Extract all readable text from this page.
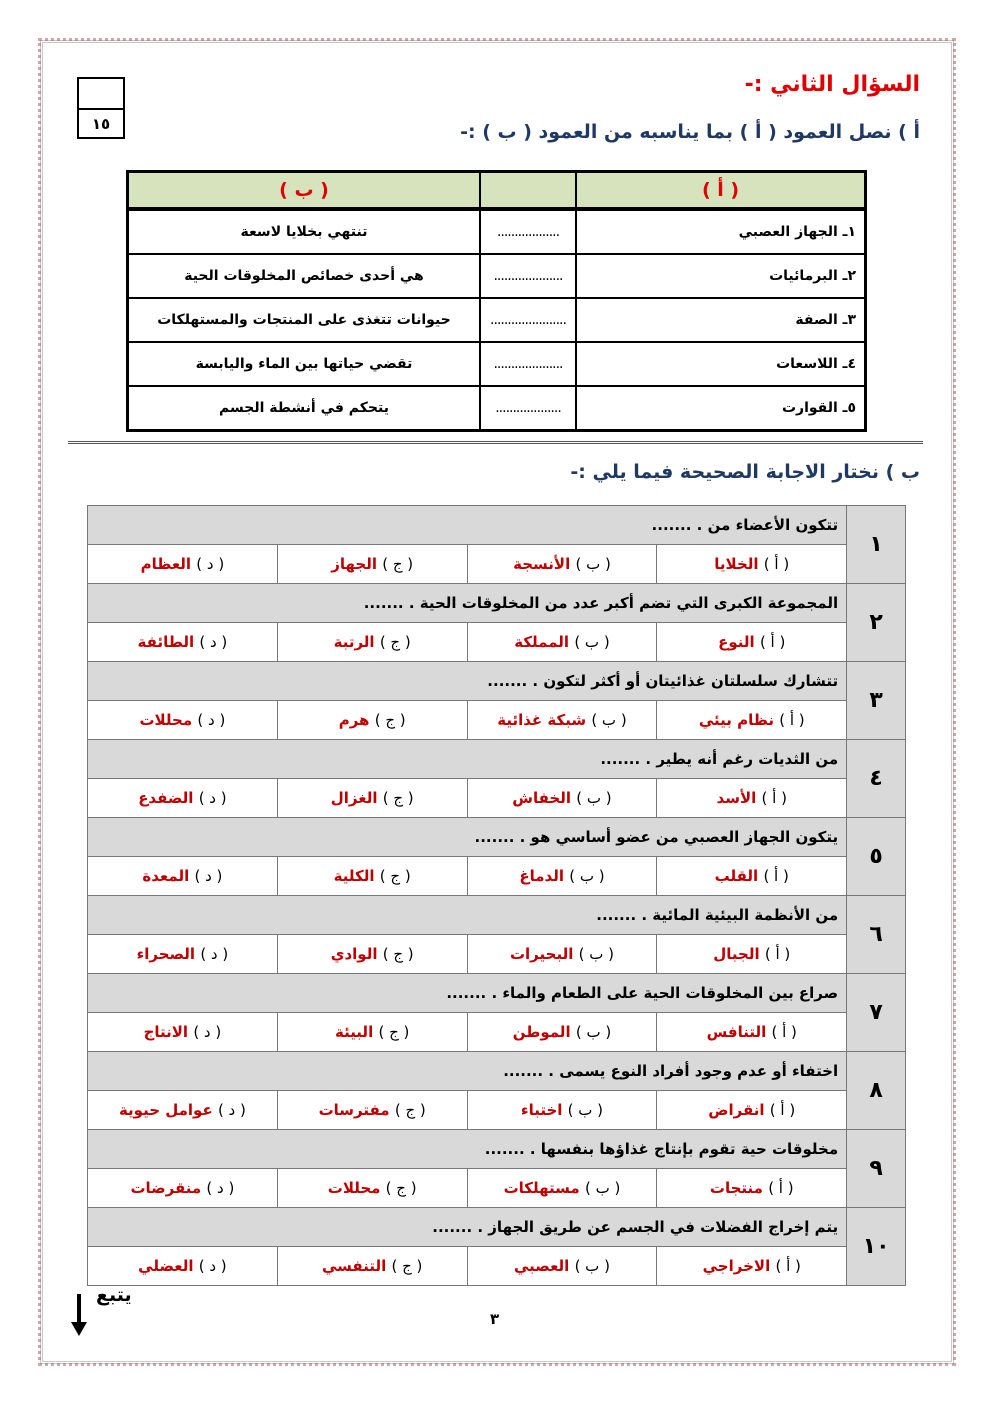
١٥
السؤال الثاني :-
أ ) نصل العمود ( أ ) بما يناسبه من العمود ( ب ) :-
( أ )		( ب )
١ـ الجهاز العصبي	..................	تنتهي بخلايا لاسعة
٢ـ البرمائيات	....................	هي أحدى خصائص المخلوقات الحية
٣ـ الصفة	......................	حيوانات تتغذى على المنتجات والمستهلكات
٤ـ اللاسعات	....................	تقضي حياتها بين الماء واليابسة
٥ـ القوارت	...................	يتحكم في أنشطة الجسم
ب ) نختار الاجابة الصحيحة فيما يلي :-
١	تتكون الأعضاء من . .......			
	( أ ) الخلايا	( ب ) الأنسجة	( ج ) الجهاز	( د ) العظام
٢	المجموعة الكبرى التي تضم أكبر عدد من المخلوقات الحية . .......			
	( أ ) النوع	( ب ) المملكة	( ج ) الرتبة	( د ) الطائفة
٣	تتشارك سلسلتان غذائيتان أو أكثر لتكون . .......			
	( أ ) نظام بيئي	( ب ) شبكة غذائية	( ج ) هرم	( د ) محللات
٤	من الثديات رغم أنه يطير . .......			
	( أ ) الأسد	( ب ) الخفاش	( ج ) الغزال	( د ) الضفدع
٥	يتكون الجهاز العصبي من عضو أساسي هو . .......			
	( أ ) القلب	( ب ) الدماغ	( ج ) الكلية	( د ) المعدة
٦	من الأنظمة البيئية المائية . .......			
	( أ ) الجبال	( ب ) البحيرات	( ج ) الوادي	( د ) الصحراء
٧	صراع بين المخلوقات الحية على الطعام والماء . .......			
	( أ ) التنافس	( ب ) الموطن	( ج ) البيئة	( د ) الانتاج
٨	اختفاء أو عدم وجود أفراد النوع يسمى . .......			
	( أ ) انقراض	( ب ) اختباء	( ج ) مفترسات	( د ) عوامل حيوية
٩	مخلوقات حية تقوم بإنتاج غذاؤها بنفسها . .......			
	( أ ) منتجات	( ب ) مستهلكات	( ج ) محللات	( د ) منقرضات
١٠	يتم إخراج الفضلات في الجسم عن طريق الجهاز . .......			
	( أ ) الاخراجي	( ب ) العصبي	( ج ) التنفسي	( د ) العضلي
يتبع
٣
